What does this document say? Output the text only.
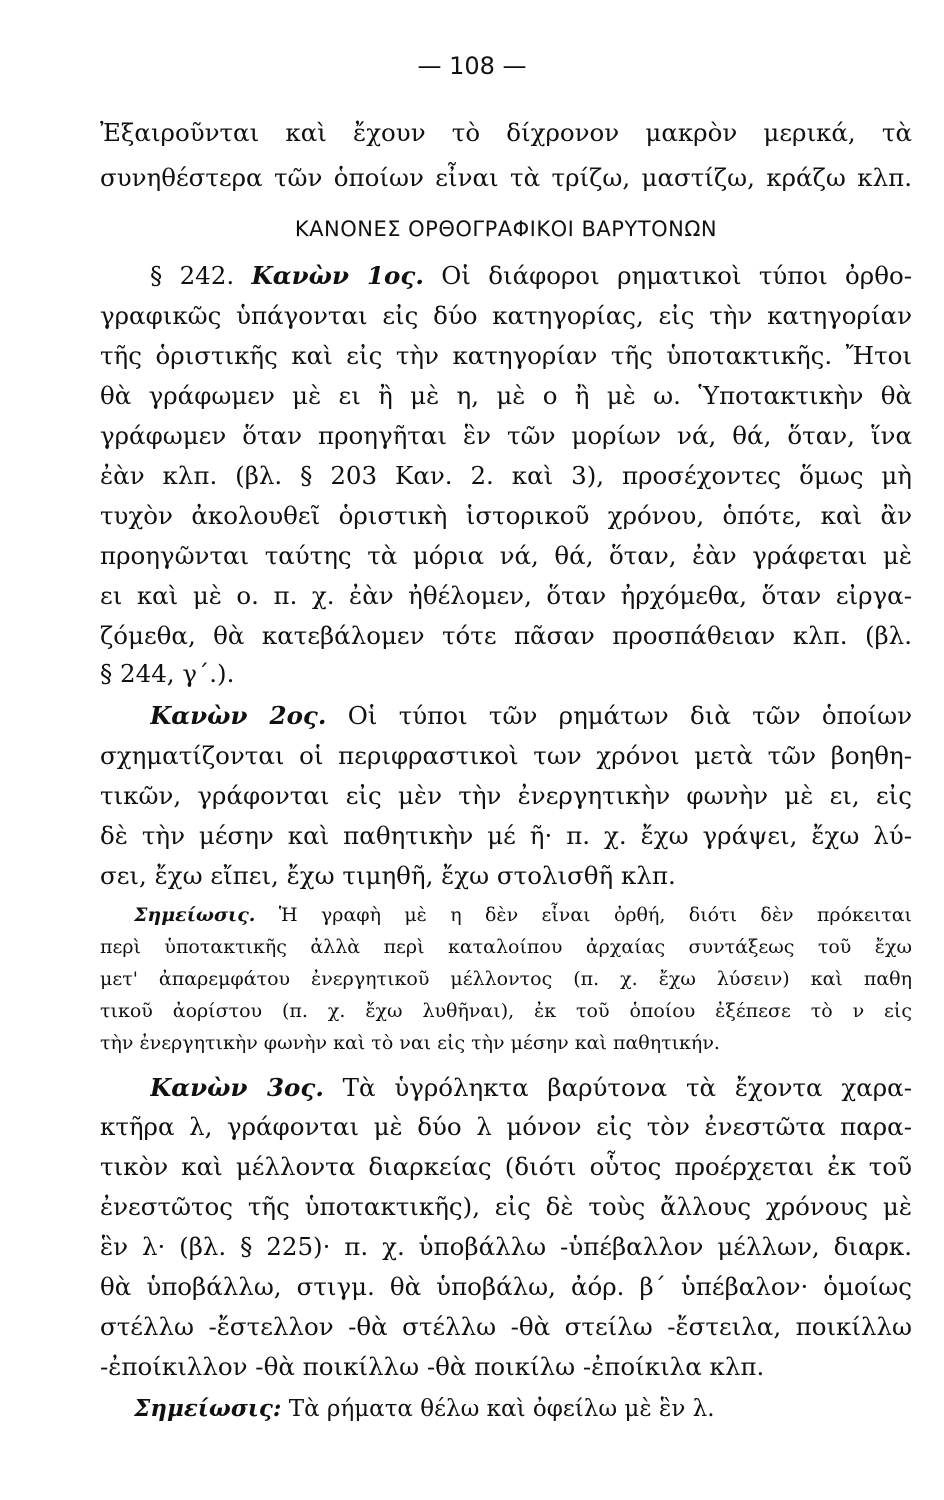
— 108 —
Ἐξαιροῦνται καὶ ἔχουν τὸ δίχρονον μακρὸν μερικά, τὰ
συνηθέστερα τῶν ὁποίων εἶναι τὰ τρίζω, μαστίζω, κράζω κλπ.
ΚΑΝΟΝΕΣ ΟΡΘΟΓΡΑΦΙΚΟΙ ΒΑΡΥΤΟΝΩΝ
§ 242. Κανὼν 1ος. Οἱ διάφοροι ρηματικοὶ τύποι ὀρθο-
γραφικῶς ὑπάγονται εἰς δύο κατηγορίας, εἰς τὴν κατηγορίαν
τῆς ὁριστικῆς καὶ εἰς τὴν κατηγορίαν τῆς ὑποτακτικῆς. Ἤτοι
θὰ γράφωμεν μὲ ει ἢ μὲ η, μὲ ο ἢ μὲ ω. Ὑποτακτικὴν θὰ
γράφωμεν ὅταν προηγῆται ἓν τῶν μορίων νά, θά, ὅταν, ἵνα
ἐὰν κλπ. (βλ. § 203 Καν. 2. καὶ 3), προσέχοντες ὅμως μὴ
τυχὸν ἀκολουθεῖ ὁριστικὴ ἱστορικοῦ χρόνου, ὁπότε, καὶ ἂν
προηγῶνται ταύτης τὰ μόρια νά, θά, ὅταν, ἐὰν γράφεται μὲ
ει καὶ μὲ ο. π. χ. ἐὰν ἠθέλομεν, ὅταν ἠρχόμεθα, ὅταν εἰργα-
ζόμεθα, θὰ κατεβάλομεν τότε πᾶσαν προσπάθειαν κλπ. (βλ.
§ 244, γ΄.).
Κανὼν 2ος. Οἱ τύποι τῶν ρημάτων διὰ τῶν ὁποίων
σχηματίζονται οἱ περιφραστικοὶ των χρόνοι μετὰ τῶν βοηθη-
τικῶν, γράφονται εἰς μὲν τὴν ἐνεργητικὴν φωνὴν μὲ ει, εἰς
δὲ τὴν μέσην καὶ παθητικὴν μέ ῆ· π. χ. ἔχω γράψει, ἔχω λύ-
σει, ἔχω εἴπει, ἔχω τιμηθῆ, ἔχω στολισθῆ κλπ.
Σημείωσις. Ἡ γραφὴ μὲ η δὲν εἶναι ὀρθή, διότι δὲν πρόκειται
περὶ ὑποτακτικῆς ἀλλὰ περὶ καταλοίπου ἀρχαίας συντάξεως τοῦ ἔχω
μετ' ἀπαρεμφάτου ἐνεργητικοῦ μέλλοντος (π. χ. ἔχω λύσειν) καὶ παθη
τικοῦ ἀορίστου (π. χ. ἔχω λυθῆναι), ἐκ τοῦ ὁποίου ἐξέπεσε τὸ ν εἰς
τὴν ἐνεργητικὴν φωνὴν καὶ τὸ ναι εἰς τὴν μέσην καὶ παθητικήν.
Κανὼν 3ος. Τὰ ὑγρόληκτα βαρύτονα τὰ ἔχοντα χαρα-
κτῆρα λ, γράφονται μὲ δύο λ μόνον εἰς τὸν ἐνεστῶτα παρα-
τικὸν καὶ μέλλοντα διαρκείας (διότι οὗτος προέρχεται ἐκ τοῦ
ἐνεστῶτος τῆς ὑποτακτικῆς), εἰς δὲ τοὺς ἄλλους χρόνους μὲ
ἓν λ· (βλ. § 225)· π. χ. ὑποβάλλω -ὑπέβαλλον μέλλων, διαρκ.
θὰ ὑποβάλλω, στιγμ. θὰ ὑποβάλω, ἀόρ. β΄ ὑπέβαλον· ὁμοίως
στέλλω -ἔστελλον -θὰ στέλλω -θὰ στείλω -ἔστειλα, ποικίλλω
-ἐποίκιλλον -θὰ ποικίλλω -θὰ ποικίλω -ἐποίκιλα κλπ.
Σημείωσις: Τὰ ρήματα θέλω καὶ ὀφείλω μὲ ἓν λ.
